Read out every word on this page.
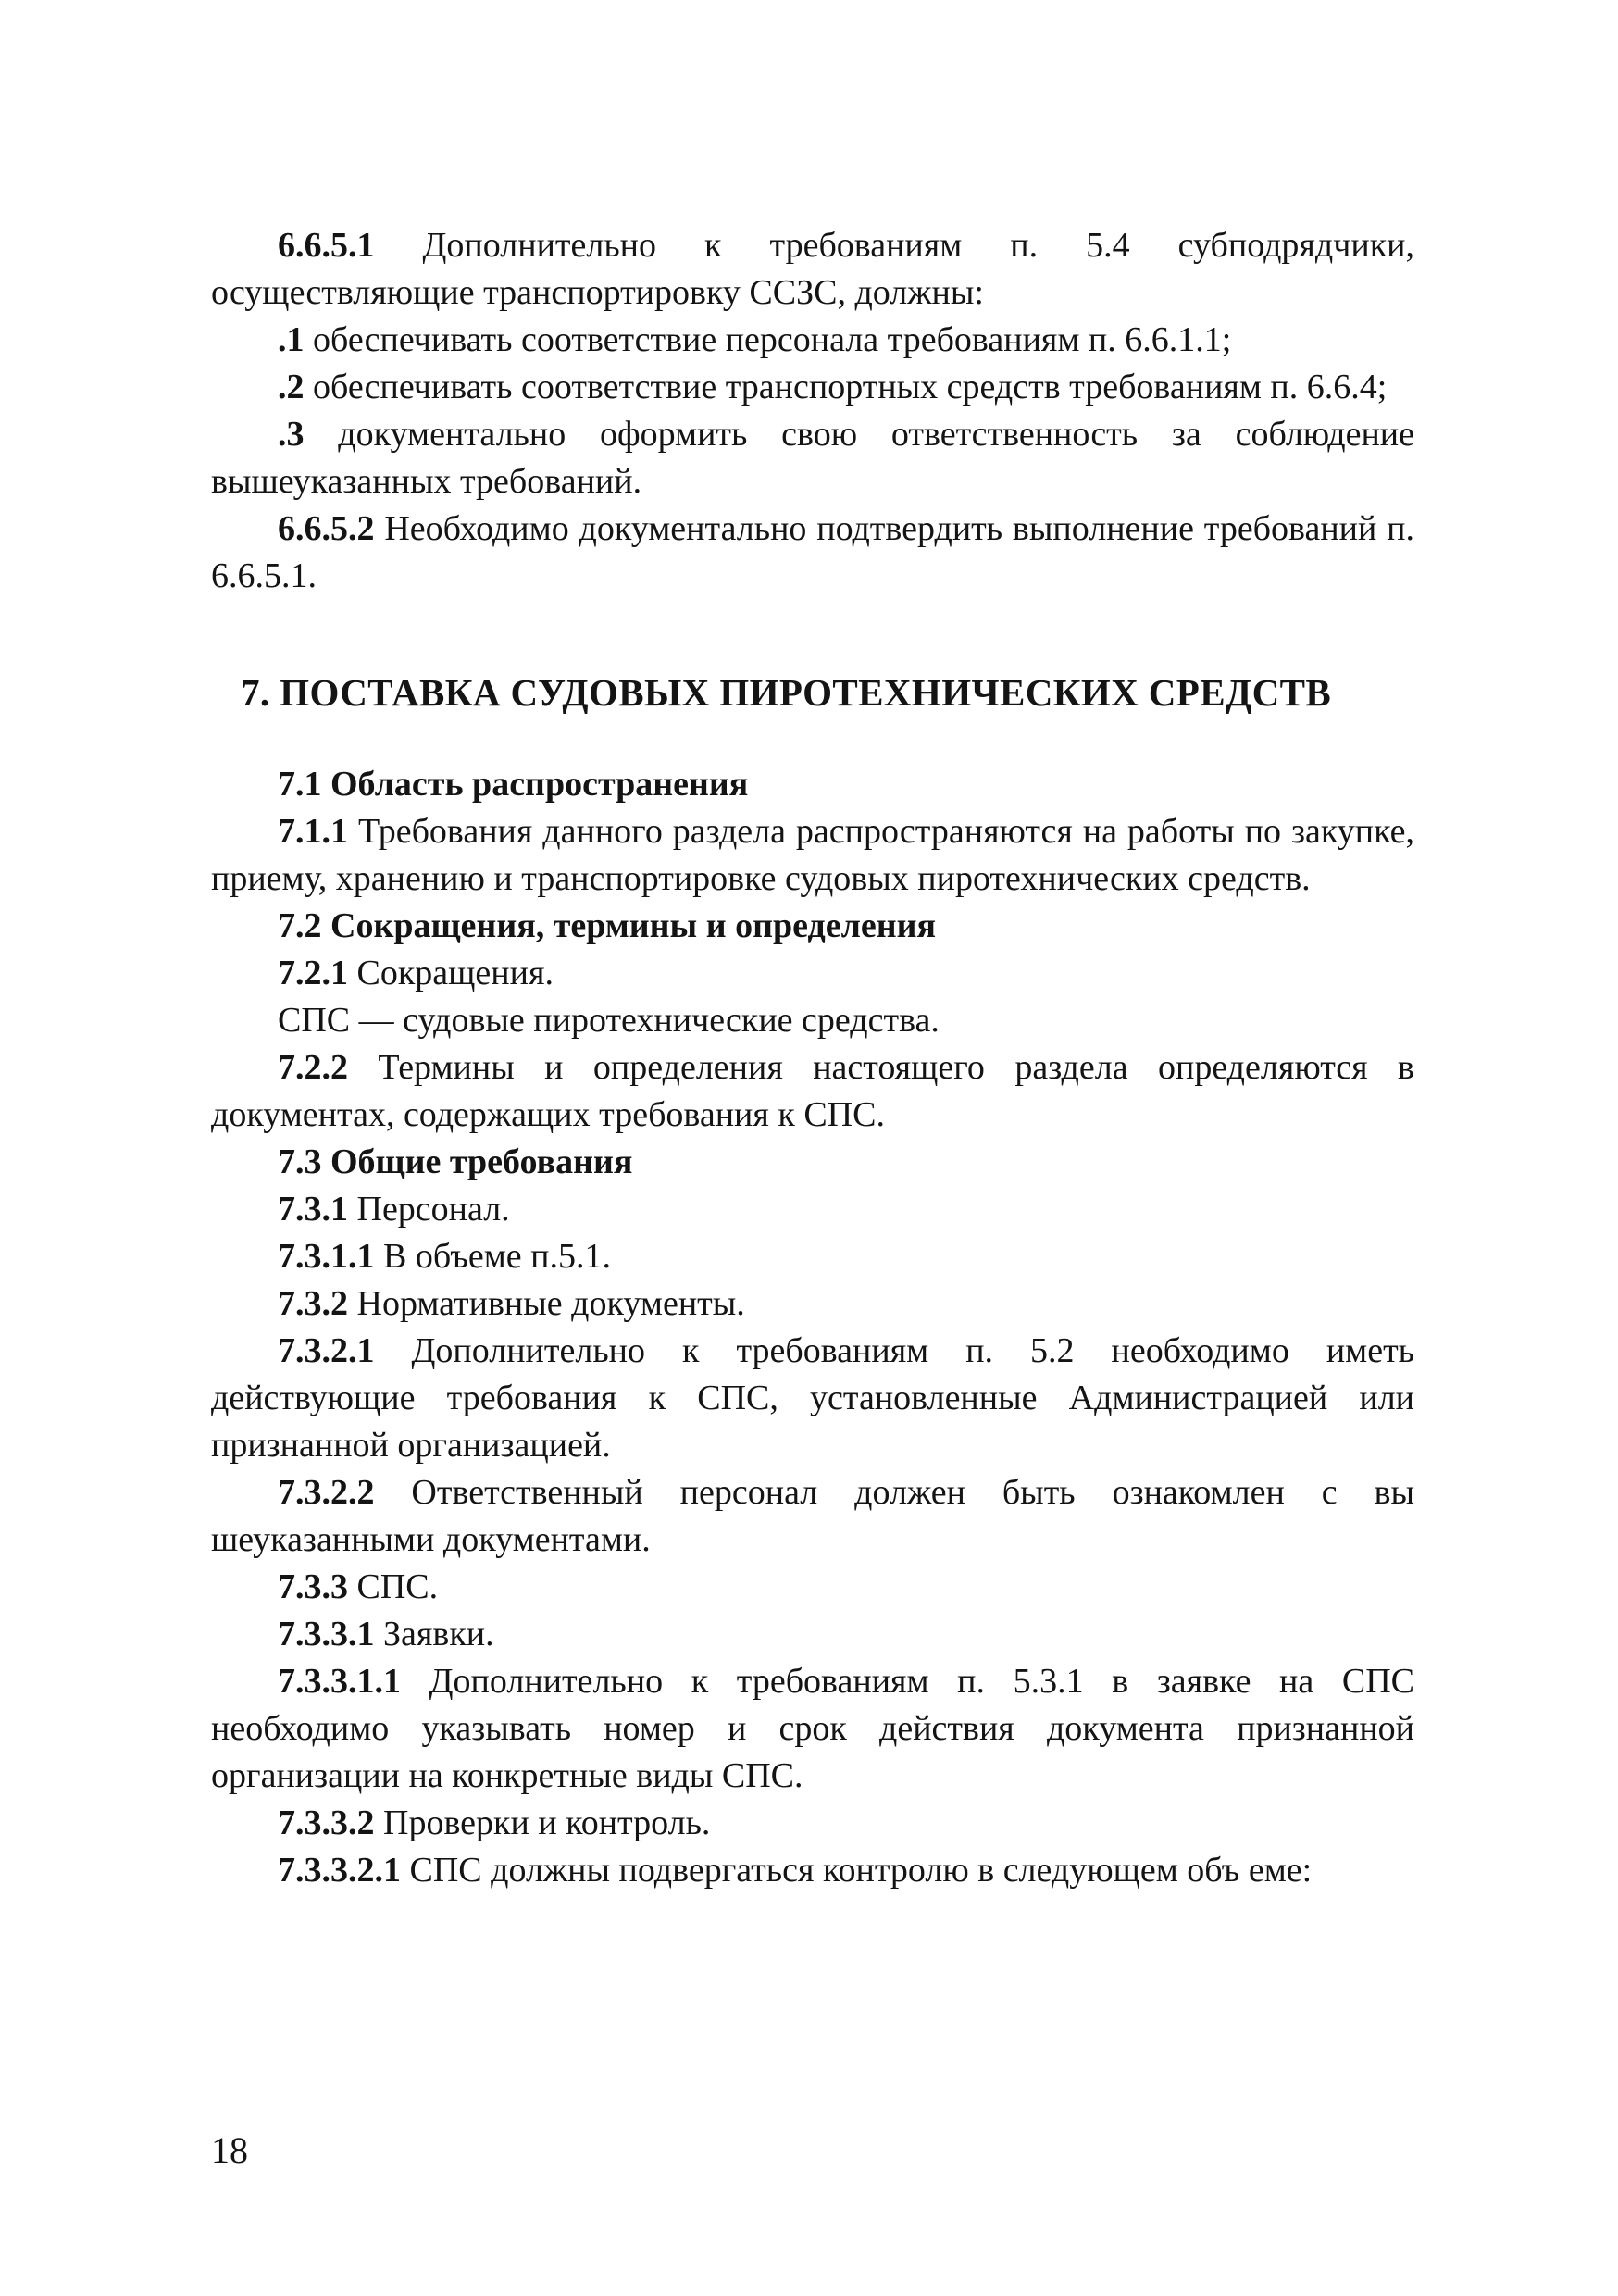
6.6.5.1 Дополнительно к требованиям п. 5.4 субподрядчики, осуществляющие транспортировку ССЗС, должны:

.1 обеспечивать соответствие персонала требованиям п. 6.6.1.1;

.2 обеспечивать соответствие транспортных средств требованиям п. 6.6.4;

.3 документально оформить свою ответственность за соблюдение вышеуказанных требований.

6.6.5.2 Необходимо документально подтвердить выполнение требований п. 6.6.5.1.

7. ПОСТАВКА СУДОВЫХ ПИРОТЕХНИЧЕСКИХ СРЕДСТВ

7.1 Область распространения

7.1.1 Требования данного раздела распространяются на работы по закупке, приему, хранению и транспортировке судовых пиротехнических средств.

7.2 Сокращения, термины и определения

7.2.1 Сокращения.

СПС — судовые пиротехнические средства.

7.2.2 Термины и определения настоящего раздела определяются в документах, содержащих требования к СПС.

7.3 Общие требования

7.3.1 Персонал.

7.3.1.1 В объеме п.5.1.

7.3.2 Нормативные документы.

7.3.2.1 Дополнительно к требованиям п. 5.2 необходимо иметь действующие требования к СПС, установленные Администрацией или признанной организацией.

7.3.2.2 Ответственный персонал должен быть ознакомлен с вы шеуказанными документами.

7.3.3 СПС.

7.3.3.1 Заявки.

7.3.3.1.1 Дополнительно к требованиям п. 5.3.1 в заявке на СПС необходимо указывать номер и срок действия документа признанной организации на конкретные виды СПС.

7.3.3.2 Проверки и контроль.

7.3.3.2.1 СПС должны подвергаться контролю в следующем объ еме:

18
